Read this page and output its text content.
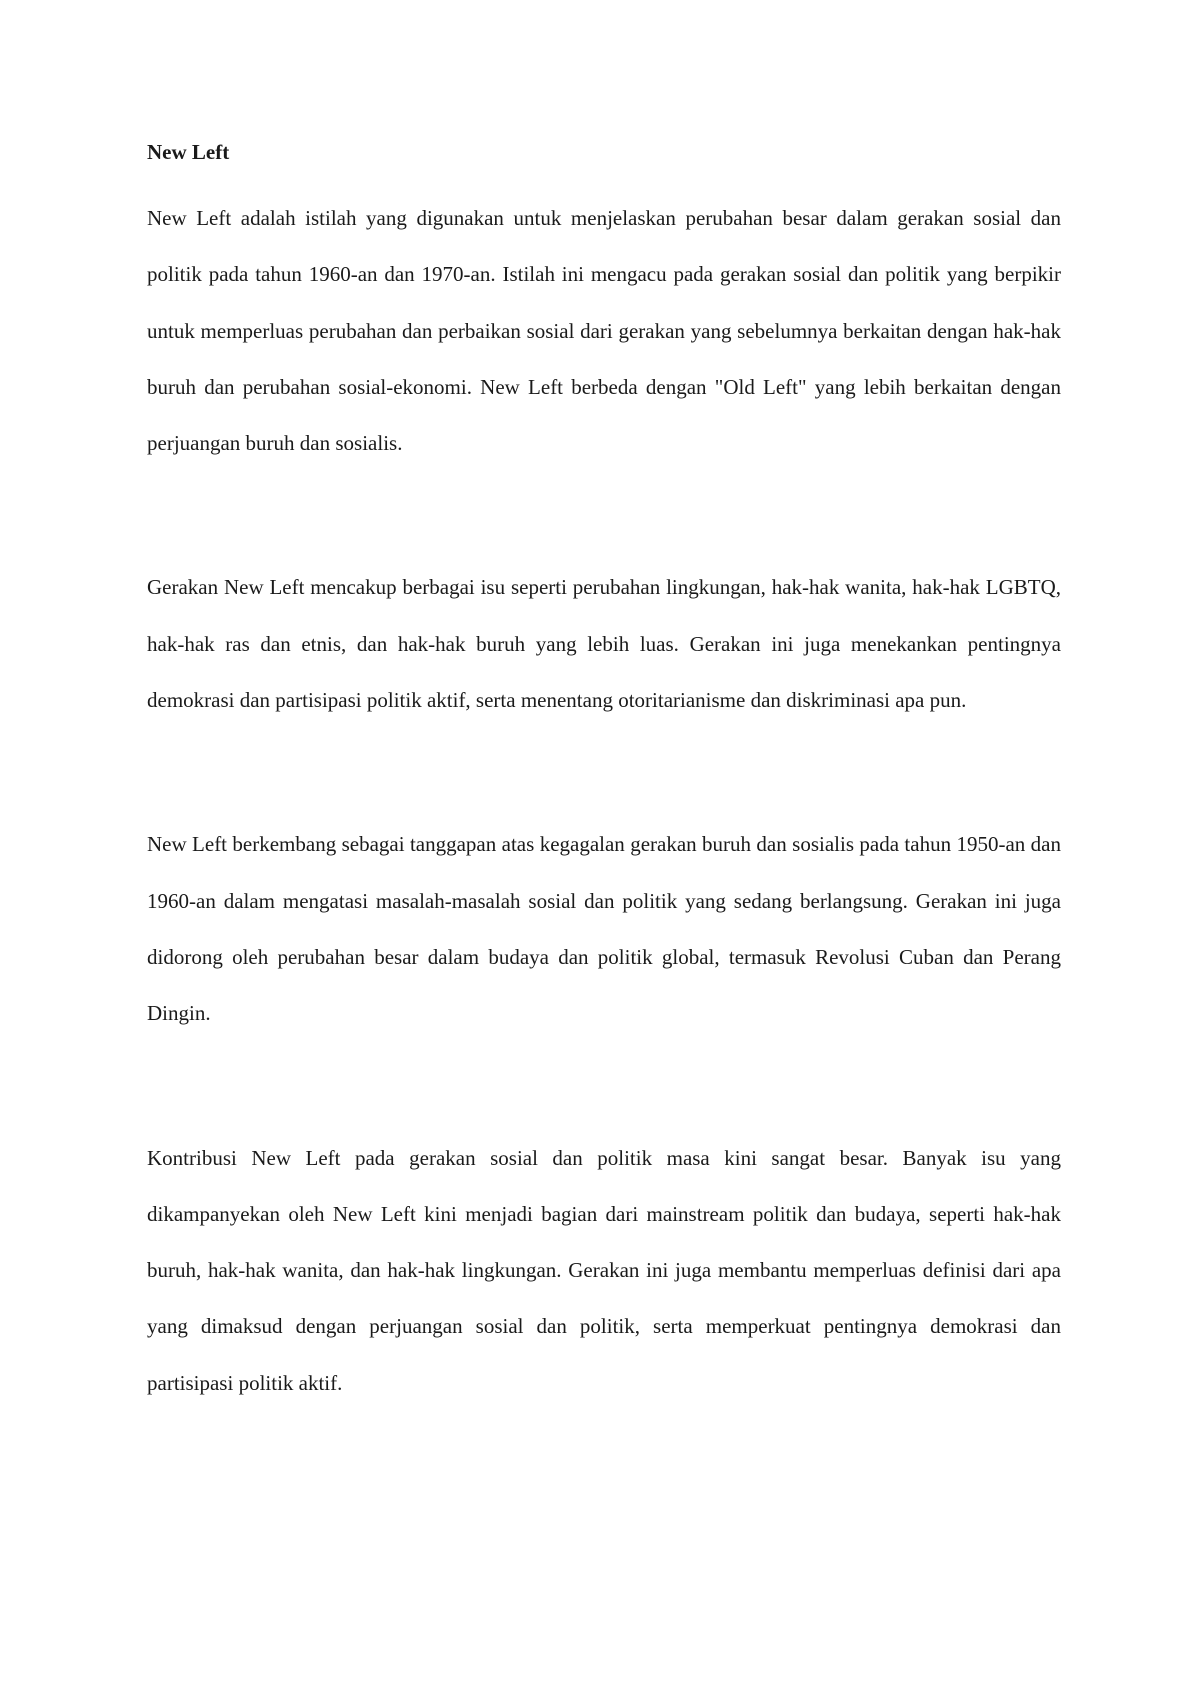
New Left

New Left adalah istilah yang digunakan untuk menjelaskan perubahan besar dalam gerakan sosial dan politik pada tahun 1960-an dan 1970-an. Istilah ini mengacu pada gerakan sosial dan politik yang berpikir untuk memperluas perubahan dan perbaikan sosial dari gerakan yang sebelumnya berkaitan dengan hak-hak buruh dan perubahan sosial-ekonomi. New Left berbeda dengan "Old Left" yang lebih berkaitan dengan perjuangan buruh dan sosialis.

Gerakan New Left mencakup berbagai isu seperti perubahan lingkungan, hak-hak wanita, hak-hak LGBTQ, hak-hak ras dan etnis, dan hak-hak buruh yang lebih luas. Gerakan ini juga menekankan pentingnya demokrasi dan partisipasi politik aktif, serta menentang otoritarianisme dan diskriminasi apa pun.

New Left berkembang sebagai tanggapan atas kegagalan gerakan buruh dan sosialis pada tahun 1950-an dan 1960-an dalam mengatasi masalah-masalah sosial dan politik yang sedang berlangsung. Gerakan ini juga didorong oleh perubahan besar dalam budaya dan politik global, termasuk Revolusi Cuban dan Perang Dingin.

Kontribusi New Left pada gerakan sosial dan politik masa kini sangat besar. Banyak isu yang dikampanyekan oleh New Left kini menjadi bagian dari mainstream politik dan budaya, seperti hak-hak buruh, hak-hak wanita, dan hak-hak lingkungan. Gerakan ini juga membantu memperluas definisi dari apa yang dimaksud dengan perjuangan sosial dan politik, serta memperkuat pentingnya demokrasi dan partisipasi politik aktif.
